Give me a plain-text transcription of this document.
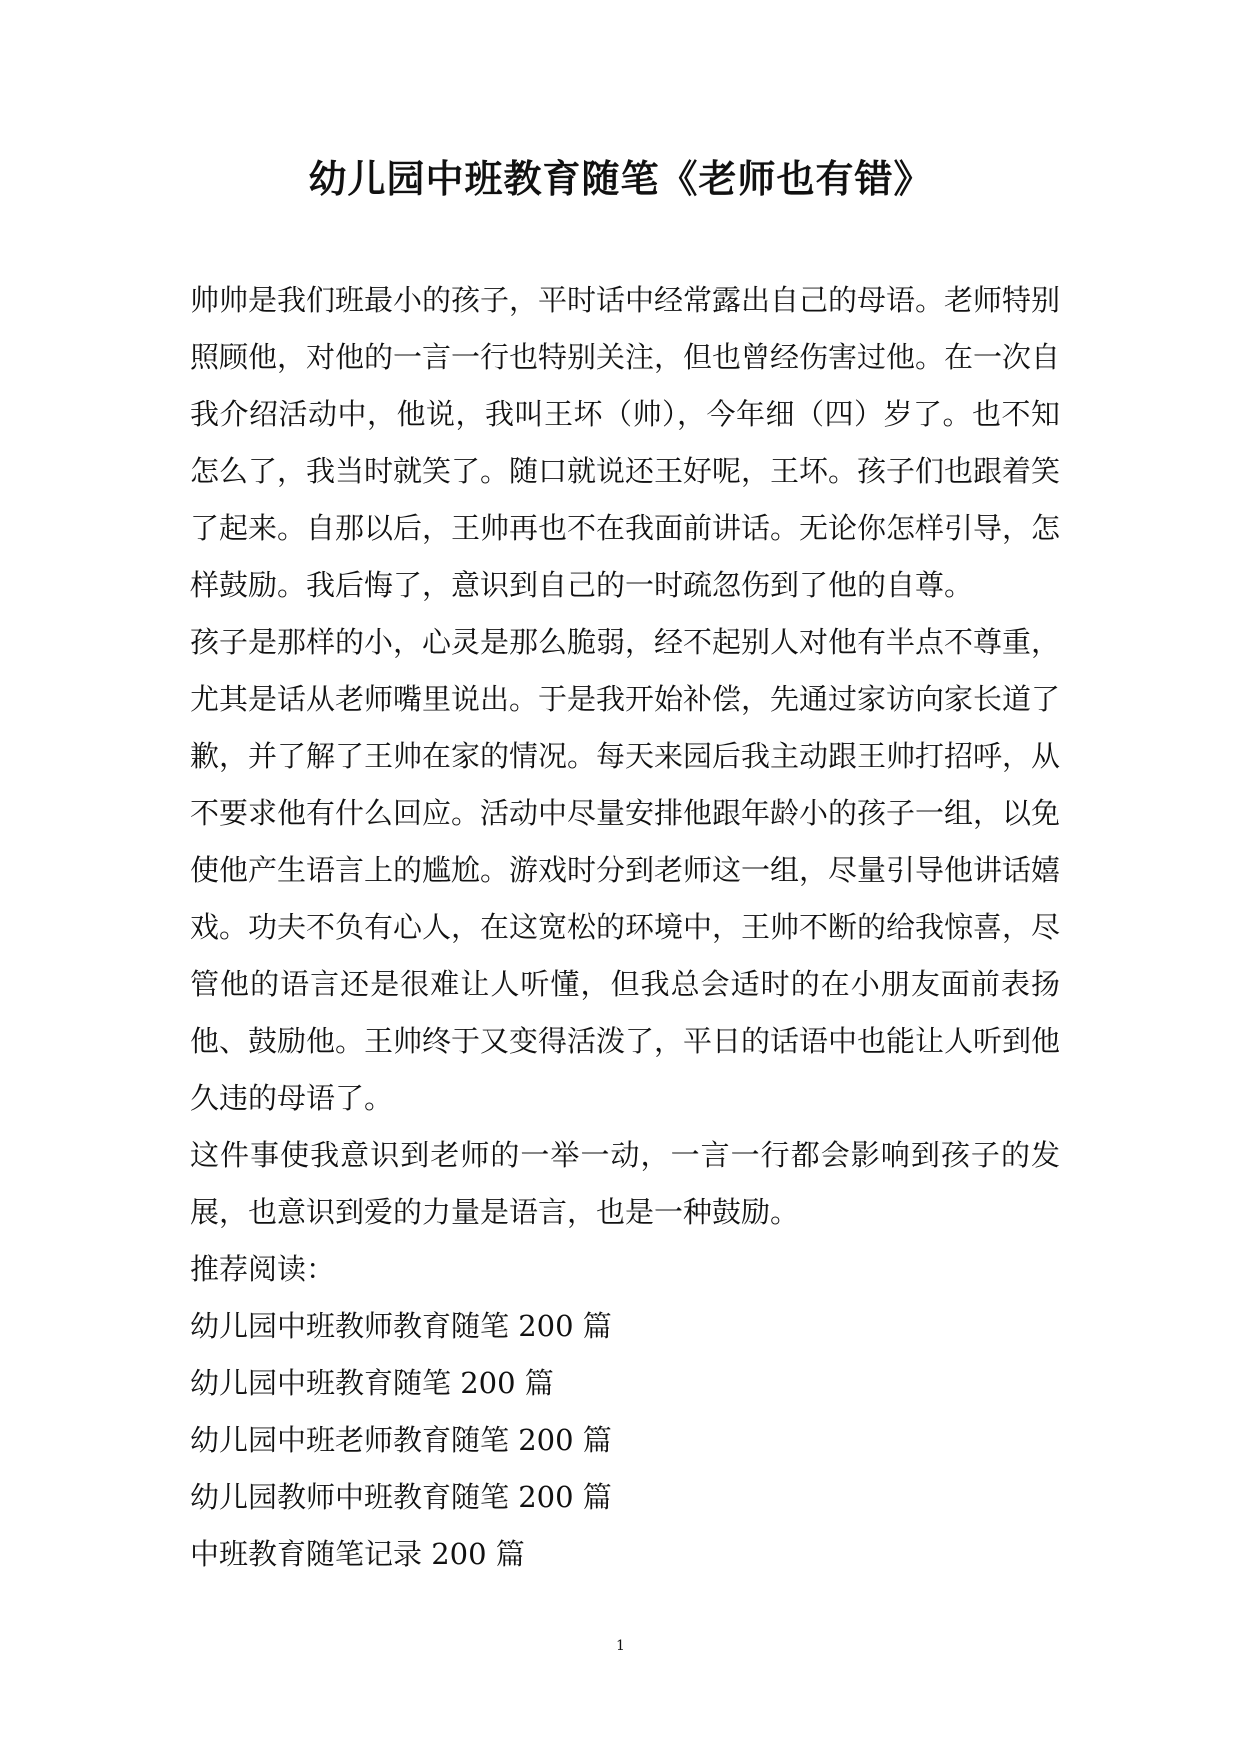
幼儿园中班教育随笔《老师也有错》

帅帅是我们班最小的孩子，平时话中经常露出自己的母语。老师特别照顾他，对他的一言一行也特别关注，但也曾经伤害过他。在一次自我介绍活动中，他说，我叫王坏（帅），今年细（四）岁了。也不知怎么了，我当时就笑了。随口就说还王好呢，王坏。孩子们也跟着笑了起来。自那以后，王帅再也不在我面前讲话。无论你怎样引导，怎样鼓励。我后悔了，意识到自己的一时疏忽伤到了他的自尊。

孩子是那样的小，心灵是那么脆弱，经不起别人对他有半点不尊重，尤其是话从老师嘴里说出。于是我开始补偿，先通过家访向家长道了歉，并了解了王帅在家的情况。每天来园后我主动跟王帅打招呼，从不要求他有什么回应。活动中尽量安排他跟年龄小的孩子一组，以免使他产生语言上的尴尬。游戏时分到老师这一组，尽量引导他讲话嬉戏。功夫不负有心人，在这宽松的环境中，王帅不断的给我惊喜，尽管他的语言还是很难让人听懂，但我总会适时的在小朋友面前表扬他、鼓励他。王帅终于又变得活泼了，平日的话语中也能让人听到他久违的母语了。

这件事使我意识到老师的一举一动，一言一行都会影响到孩子的发展，也意识到爱的力量是语言，也是一种鼓励。

推荐阅读：

幼儿园中班教师教育随笔 200 篇
幼儿园中班教育随笔 200 篇
幼儿园中班老师教育随笔 200 篇
幼儿园教师中班教育随笔 200 篇
中班教育随笔记录 200 篇
1
